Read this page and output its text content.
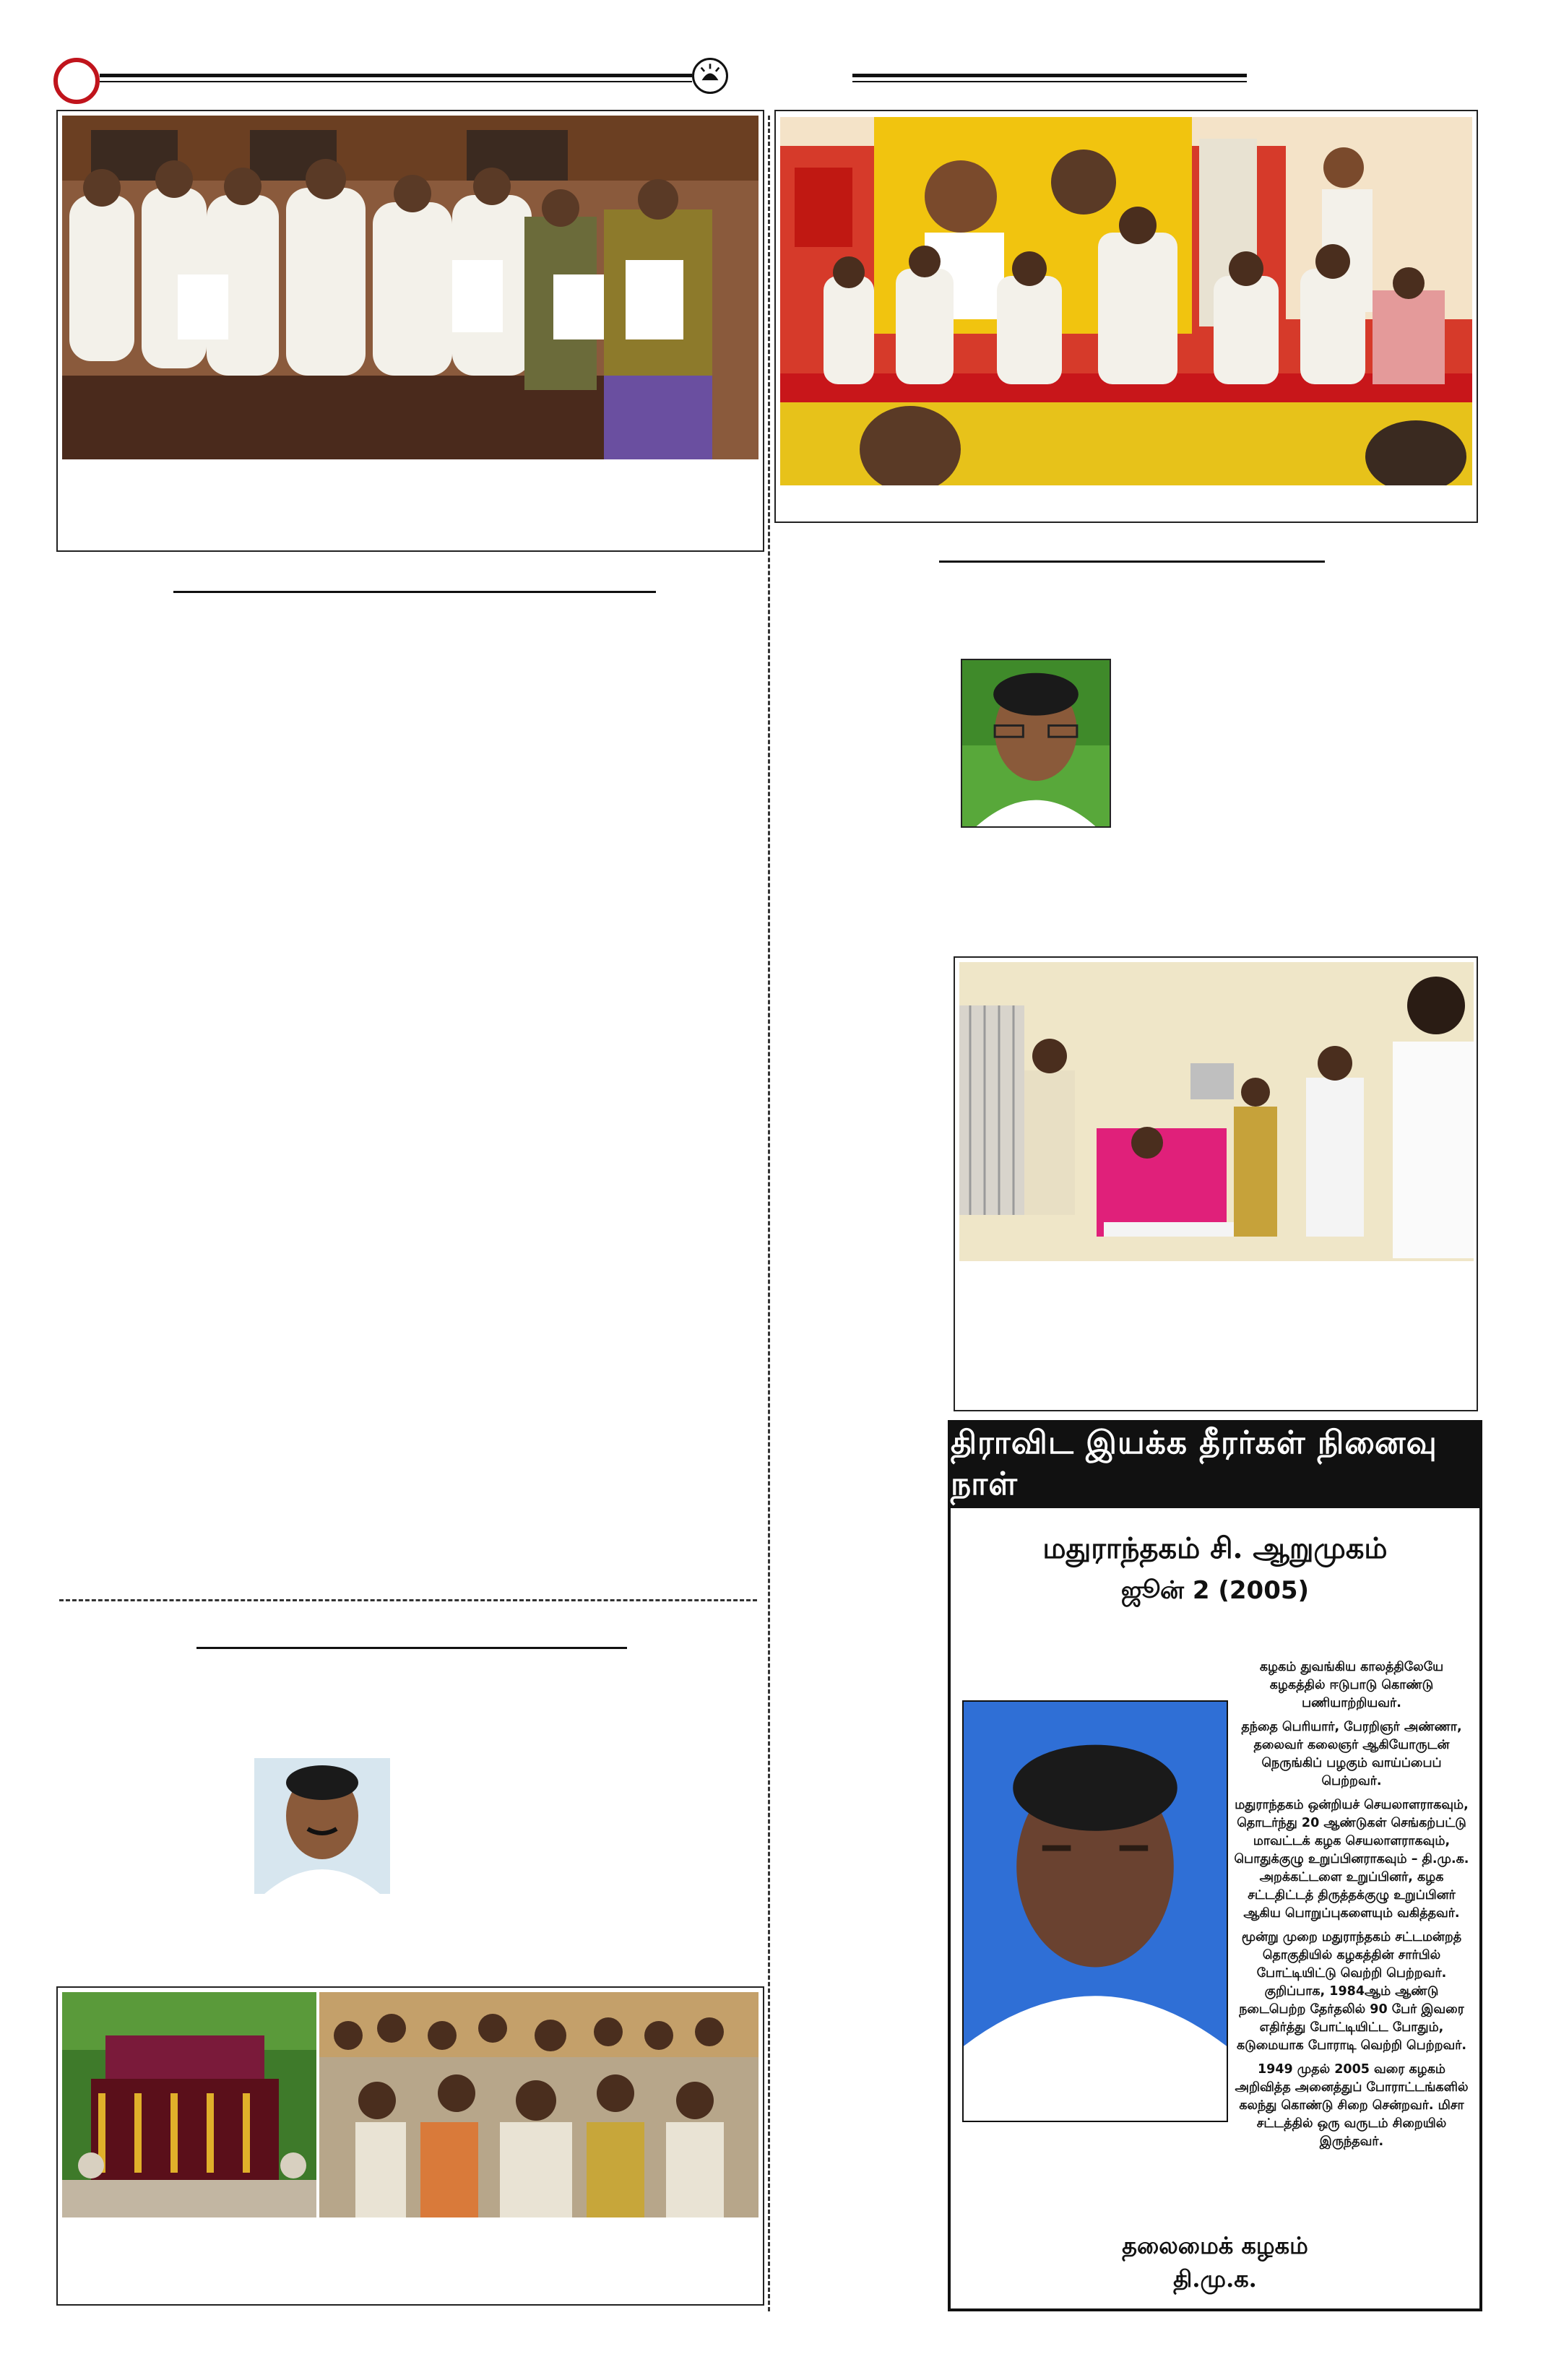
திராவிட இயக்க தீரர்கள் நினைவு நாள்
மதுராந்தகம் சி. ஆறுமுகம்
ஜூன் 2 (2005)

கழகம் துவங்கிய காலத்திலேயே கழகத்தில் ஈடுபாடு கொண்டு பணியாற்றியவர்.

தந்தை பெரியார், பேரறிஞர் அண்ணா, தலைவர் கலைஞர் ஆகியோருடன் நெருங்கிப் பழகும் வாய்ப்பைப் பெற்றவர்.

மதுராந்தகம் ஒன்றியச் செயலாளராகவும், தொடர்ந்து 20 ஆண்டுகள் செங்கற்பட்டு மாவட்டக் கழக செயலாளராகவும், பொதுக்குழு உறுப்பினராகவும் – தி.மு.க. அறக்கட்டளை உறுப்பினர், கழக சட்டதிட்டத் திருத்தக்குழு உறுப்பினர் ஆகிய பொறுப்புகளையும் வகித்தவர்.

மூன்று முறை மதுராந்தகம் சட்டமன்றத் தொகுதியில் கழகத்தின் சார்பில் போட்டியிட்டு வெற்றி பெற்றவர். குறிப்பாக, 1984ஆம் ஆண்டு நடைபெற்ற தேர்தலில் 90 பேர் இவரை எதிர்த்து போட்டியிட்ட போதும், கடுமையாக போராடி வெற்றி பெற்றவர்.

1949 முதல் 2005 வரை கழகம் அறிவித்த அனைத்துப் போராட்டங்களில் கலந்து கொண்டு சிறை சென்றவர். மிசா சட்டத்தில் ஒரு வருடம் சிறையில் இருந்தவர்.

தலைமைக் கழகம்
தி.மு.க.
